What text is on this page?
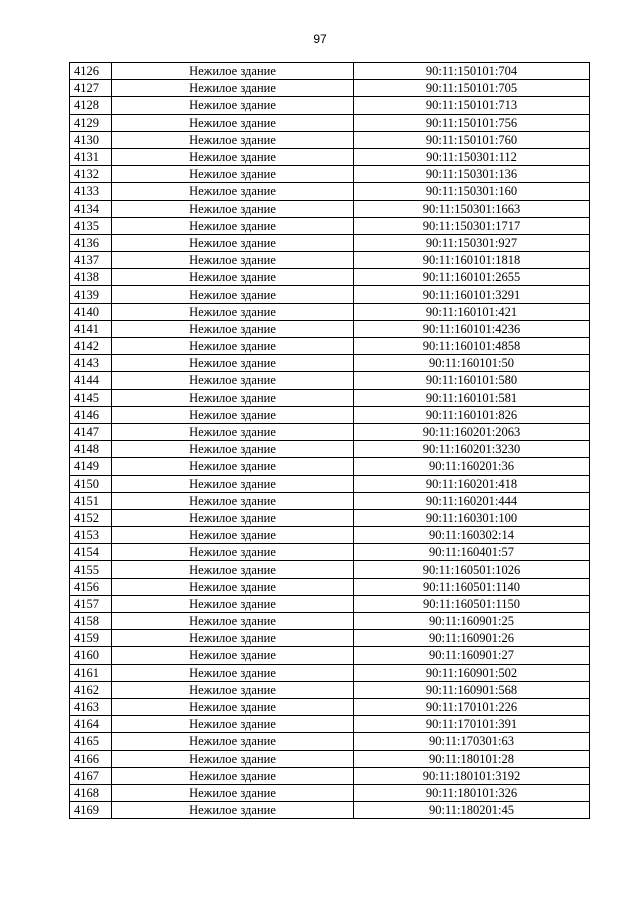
97
4126	Нежилое здание	90:11:150101:704
4127	Нежилое здание	90:11:150101:705
4128	Нежилое здание	90:11:150101:713
4129	Нежилое здание	90:11:150101:756
4130	Нежилое здание	90:11:150101:760
4131	Нежилое здание	90:11:150301:112
4132	Нежилое здание	90:11:150301:136
4133	Нежилое здание	90:11:150301:160
4134	Нежилое здание	90:11:150301:1663
4135	Нежилое здание	90:11:150301:1717
4136	Нежилое здание	90:11:150301:927
4137	Нежилое здание	90:11:160101:1818
4138	Нежилое здание	90:11:160101:2655
4139	Нежилое здание	90:11:160101:3291
4140	Нежилое здание	90:11:160101:421
4141	Нежилое здание	90:11:160101:4236
4142	Нежилое здание	90:11:160101:4858
4143	Нежилое здание	90:11:160101:50
4144	Нежилое здание	90:11:160101:580
4145	Нежилое здание	90:11:160101:581
4146	Нежилое здание	90:11:160101:826
4147	Нежилое здание	90:11:160201:2063
4148	Нежилое здание	90:11:160201:3230
4149	Нежилое здание	90:11:160201:36
4150	Нежилое здание	90:11:160201:418
4151	Нежилое здание	90:11:160201:444
4152	Нежилое здание	90:11:160301:100
4153	Нежилое здание	90:11:160302:14
4154	Нежилое здание	90:11:160401:57
4155	Нежилое здание	90:11:160501:1026
4156	Нежилое здание	90:11:160501:1140
4157	Нежилое здание	90:11:160501:1150
4158	Нежилое здание	90:11:160901:25
4159	Нежилое здание	90:11:160901:26
4160	Нежилое здание	90:11:160901:27
4161	Нежилое здание	90:11:160901:502
4162	Нежилое здание	90:11:160901:568
4163	Нежилое здание	90:11:170101:226
4164	Нежилое здание	90:11:170101:391
4165	Нежилое здание	90:11:170301:63
4166	Нежилое здание	90:11:180101:28
4167	Нежилое здание	90:11:180101:3192
4168	Нежилое здание	90:11:180101:326
4169	Нежилое здание	90:11:180201:45
